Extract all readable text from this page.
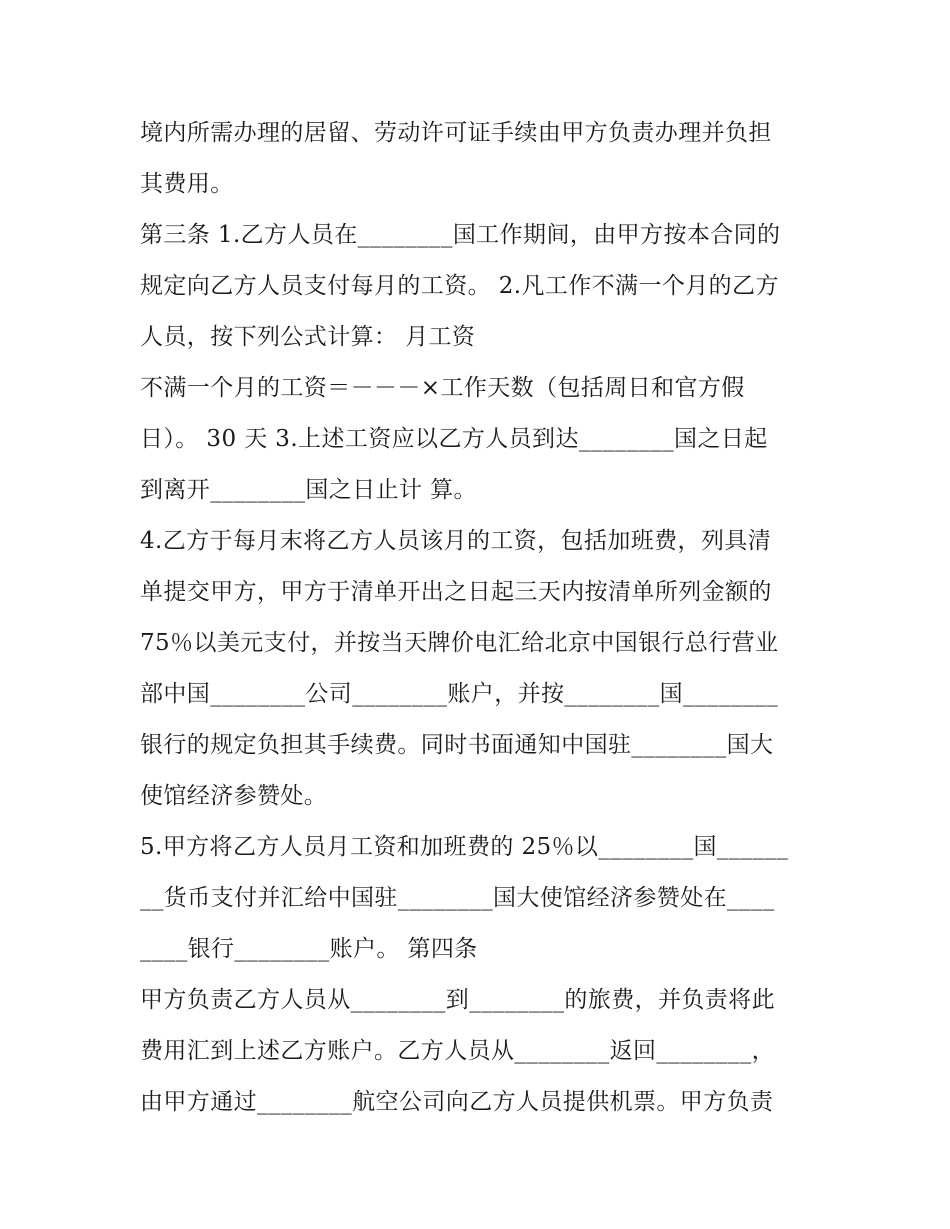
境内所需办理的居留、劳动许可证手续由甲方负责办理并负担
其费用。
第三条 1.乙方人员在________国工作期间，由甲方按本合同的
规定向乙方人员支付每月的工资。 2.凡工作不满一个月的乙方
人员，按下列公式计算： 月工资
不满一个月的工资＝－－－×工作天数（包括周日和官方假
日）。 30 天 3.上述工资应以乙方人员到达________国之日起
到离开________国之日止计 算。
4.乙方于每月末将乙方人员该月的工资，包括加班费，列具清
单提交甲方，甲方于清单开出之日起三天内按清单所列金额的
75％以美元支付，并按当天牌价电汇给北京中国银行总行营业
部中国________公司________账户，并按________国________
银行的规定负担其手续费。同时书面通知中国驻________国大
使馆经济参赞处。
5.甲方将乙方人员月工资和加班费的 25％以________国______
__货币支付并汇给中国驻________国大使馆经济参赞处在____
____银行________账户。 第四条
甲方负责乙方人员从________到________的旅费，并负责将此
费用汇到上述乙方账户。乙方人员从________返回________，
由甲方通过________航空公司向乙方人员提供机票。甲方负责
